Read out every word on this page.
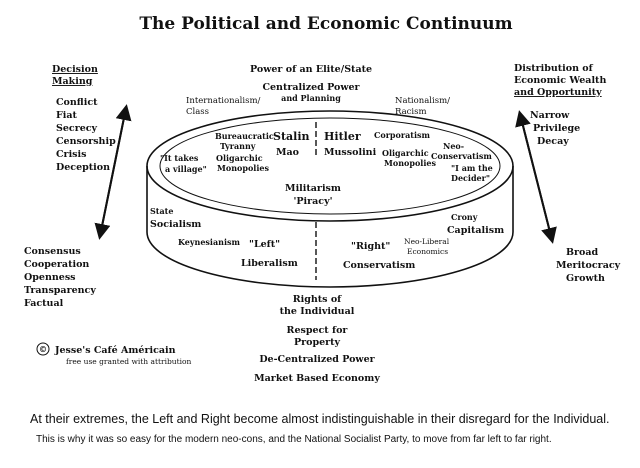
The Political and Economic Continuum
Decision
Making
Conflict
Fiat
Secrecy
Censorship
Crisis
Deception
Consensus
Cooperation
Openness
Transparency
Factual
Distribution of
Economic Wealth
and Opportunity
Narrow
Privilege
Decay
Broad
Meritocracy
Growth
Power of an Elite/State
Centralized Power
and Planning
Internationalism/
Class
Nationalism/
Racism
Bureaucratic
Tyranny
Oligarchic
Monopolies
Stalin
Mao
"It takes
a village"
Hitler
Mussolini
Corporatism
Neo-
Conservatism
Oligarchic
Monopolies "I am the
Decider"
Militarism
'Piracy'
State
Socialism
Keynesianism "Left"
Liberalism
Crony
Capitalism
Neo-Liberal
Economics
"Right"
Conservatism
Rights of
the Individual
Respect for
Property
De-Centralized Power
Market Based Economy
© Jesse's Café Américain
free use granted with attribution
At their extremes, the Left and Right become almost indistinguishable in their disregard for the Individual.
This is why it was so easy for the modern neo-cons, and the National Socialist Party, to move from far left to far right.
